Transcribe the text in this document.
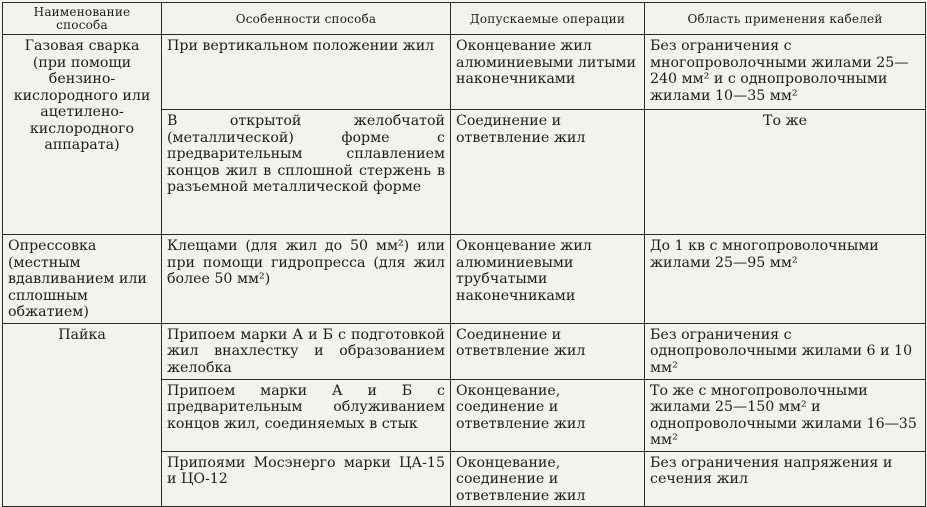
Наименование способа	Особенности способа	Допускаемые операции	Область применения кабелей
Газовая сварка (при помощи бензино-кислородного или ацетилено-кислородного аппарата)	При вертикальном положении жил	Оконцевание жил алюминиевыми литыми наконечниками	Без ограничения с многопроволочными жилами 25—240 мм² и с однопроволочными жилами 10—35 мм²
	В открытой желобчатой (металлической) форме с предварительным сплавлением концов жил в сплошной стержень в разъемной металлической форме	Соединение и ответвление жил	То же
Опрессовка (местным вдавливанием или сплошным обжатием)	Клещами (для жил до 50 мм²) или при помощи гидропресса (для жил более 50 мм²)	Оконцевание жил алюминиевыми трубчатыми наконечниками	До 1 кв с многопроволочными жилами 25—95 мм²
Пайка	Припоем марки А и Б с подготовкой жил внахлестку и образованием желобка	Соединение и ответвление жил	Без ограничения с однопроволочными жилами 6 и 10 мм²
	Припоем марки А и Б с предварительным облуживанием концов жил, соединяемых в стык	Оконцевание, соединение и ответвление жил	То же с многопроволочными жилами 25—150 мм² и однопроволочными жилами 16—35 мм²
	Припоями Мосэнерго марки ЦА-15 и ЦО-12	Оконцевание, соединение и ответвление жил	Без ограничения напряжения и сечения жил
